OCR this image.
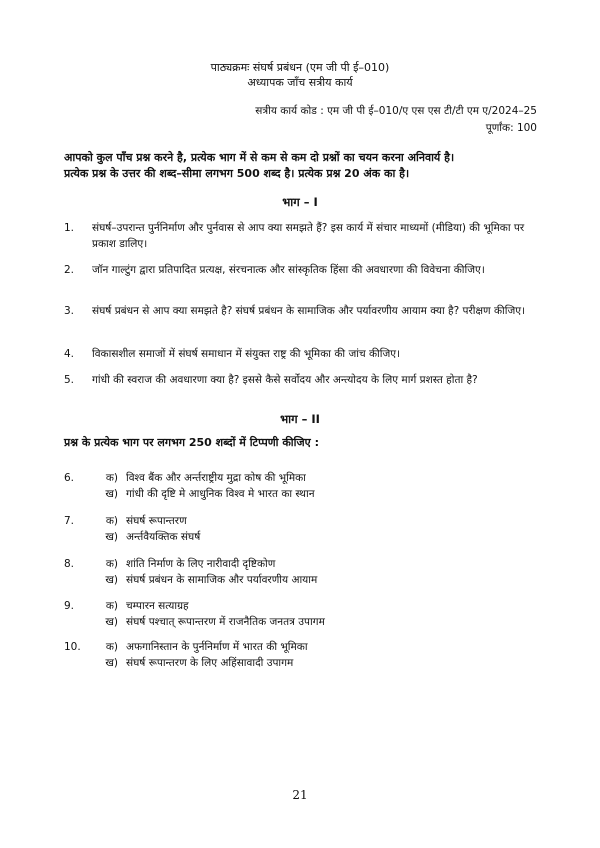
पाठ्यक्रमः संघर्ष प्रबंधन (एम जी पी ई–010)
अध्यापक जाँच सत्रीय कार्य
सत्रीय कार्य कोड : एम जी पी ई–010/ए एस एस टी/टी एम ए/2024–25
पूर्णांक: 100
आपको कुल पाँच प्रश्न करने है, प्रत्येक भाग में से कम से कम दो प्रश्नों का चयन करना अनिवार्य है।
प्रत्येक प्रश्न के उत्तर की शब्द–सीमा लगभग 500 शब्द है। प्रत्येक प्रश्न 20 अंक का है।
भाग – I
1.	संघर्ष–उपरान्त पुर्ननिर्माण और पुर्नवास से आप क्या समझते हैं? इस कार्य में संचार माध्यमों (मीडिया) की भूमिका पर प्रकाश डालिए।
2.	जॉन गाल्टुंग द्वारा प्रतिपादित प्रत्यक्ष, संरचनात्क और सांस्कृतिक हिंसा की अवधारणा की विवेचना कीजिए।
3.	संघर्ष प्रबंधन से आप क्या समझते है? संघर्ष प्रबंधन के सामाजिक और पर्यावरणीय आयाम क्या है? परीक्षण कीजिए।
4.	विकासशील समाजों में संघर्ष समाधान में संयुक्त राष्ट्र की भूमिका की जांच कीजिए।
5.	गांधी की स्वराज की अवधारणा क्या है? इससे कैसे सर्वोदय और अन्त्योदय के लिए मार्ग प्रशस्त होता है?
भाग – II
प्रश्न के प्रत्येक भाग पर लगभग 250 शब्दों में टिप्पणी कीजिए :
6.	क) विश्व बैंक और अर्न्तराष्ट्रीय मुद्रा कोष की भूमिका
ख) गांधी की दृष्टि मे आधुनिक विश्व मे भारत का स्थान
7.	क) संघर्ष रूपान्तरण
ख) अर्न्तवैयक्तिक संघर्ष
8.	क) शांति निर्माण के लिए नारीवादी दृष्टिकोण
ख) संघर्ष प्रबंधन के सामाजिक और पर्यावरणीय आयाम
9.	क) चम्पारन सत्याग्रह
ख) संघर्ष पश्चात् रूपान्तरण में राजनैतिक जनतत्र उपागम
10.	क) अफगानिस्तान के पुर्ननिर्माण में भारत की भूमिका
ख) संघर्ष रूपान्तरण के लिए अहिंसावादी उपागम
21
